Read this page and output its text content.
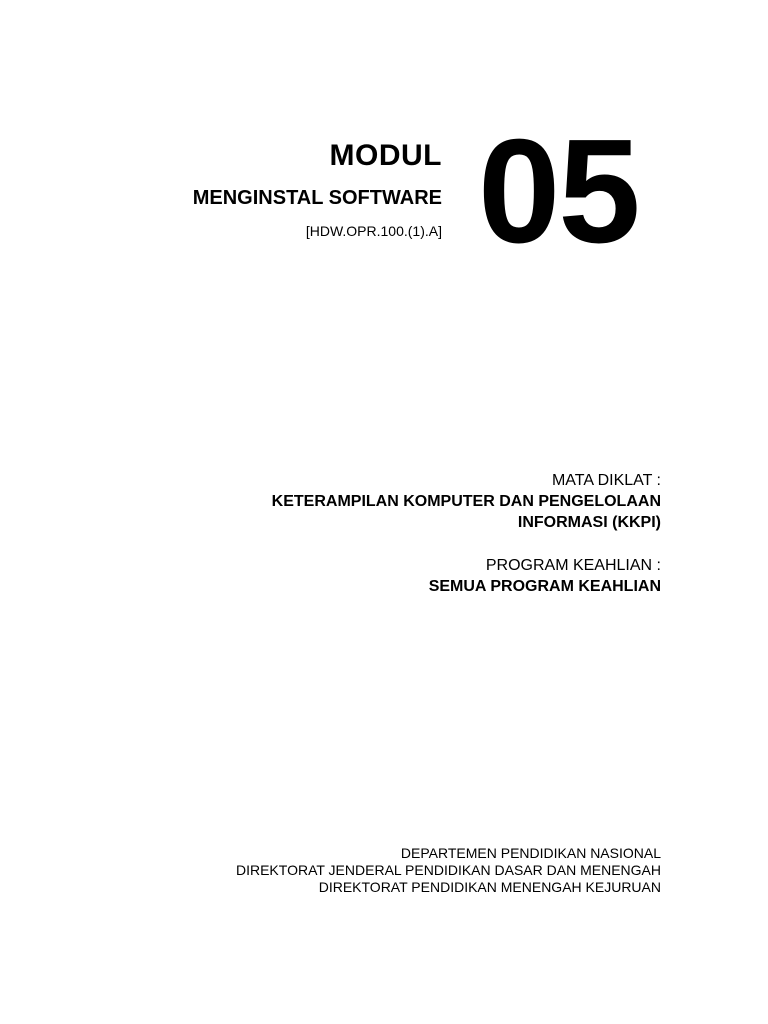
MODUL
MENGINSTAL SOFTWARE
[HDW.OPR.100.(1).A] 05
MATA DIKLAT :
KETERAMPILAN KOMPUTER DAN PENGELOLAAN
INFORMASI (KKPI)
PROGRAM KEAHLIAN :
SEMUA PROGRAM KEAHLIAN
DEPARTEMEN PENDIDIKAN NASIONAL
DIREKTORAT JENDERAL PENDIDIKAN DASAR DAN MENENGAH
DIREKTORAT PENDIDIKAN MENENGAH KEJURUAN
